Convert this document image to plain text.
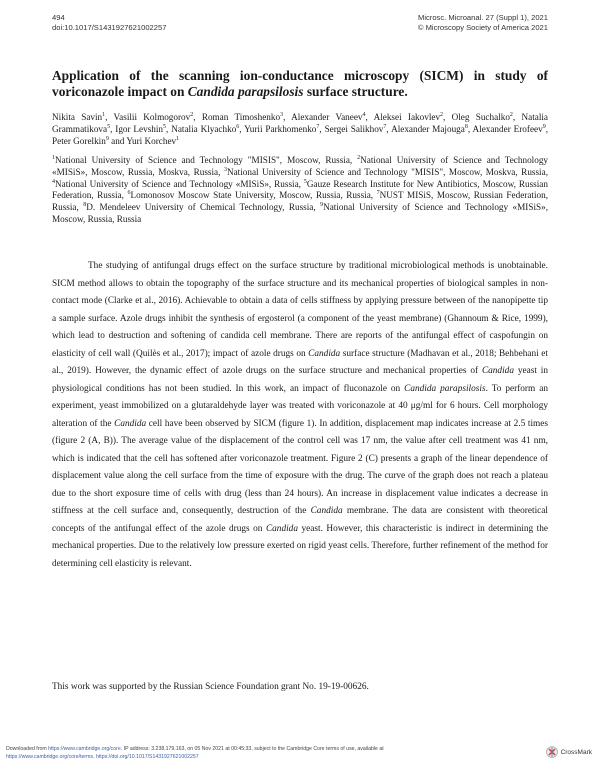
494
doi:10.1017/S1431927621002257
Microsc. Microanal. 27 (Suppl 1), 2021
© Microscopy Society of America 2021
Application of the scanning ion-conductance microscopy (SICM) in study of voriconazole impact on Candida parapsilosis surface structure.
Nikita Savin$^1$, Vasilii Kolmogorov$^2$, Roman Timoshenko$^3$, Alexander Vaneev$^4$, Aleksei Iakovlev$^2$, Oleg Suchalko$^2$, Natalia Grammatikova$^5$, Igor Levshin$^5$, Natalia Klyachko$^6$, Yurii Parkhomenko$^7$, Sergei Salikhov$^7$, Alexander Majouga$^8$, Alexander Erofeev$^9$, Peter Gorelkin$^9$ and Yuri Korchev$^1$
$^1$National University of Science and Technology "MISIS", Moscow, Russia, $^2$National University of Science and Technology «MISiS», Moscow, Russia, Moskva, Russia, $^3$National University of Science and Technology "MISIS", Moscow, Moskva, Russia, $^4$National University of Science and Technology «MISiS», Russia, $^5$Gauze Research Institute for New Antibiotics, Moscow, Russian Federation, Russia, $^6$Lomonosov Moscow State University, Moscow, Russia, Russia, $^7$NUST MISiS, Moscow, Russian Federation, Russia, $^8$D. Mendeleev University of Chemical Technology, Russia, $^9$National University of Science and Technology «MISiS», Moscow, Russia, Russia

The studying of antifungal drugs effect on the surface structure by traditional microbiological methods is unobtainable. SICM method allows to obtain the topography of the surface structure and its mechanical properties of biological samples in non-contact mode (Clarke et al., 2016). Achievable to obtain a data of cells stiffness by applying pressure between of the nanopipette tip a sample surface. Azole drugs inhibit the synthesis of ergosterol (a component of the yeast membrane) (Ghannoum & Rice, 1999), which lead to destruction and softening of candida cell membrane. There are reports of the antifungal effect of caspofungin on elasticity of cell wall (Quilès et al., 2017); impact of azole drugs on Candida surface structure (Madhavan et al., 2018; Behbehani et al., 2019). However, the dynamic effect of azole drugs on the surface structure and mechanical properties of Candida yeast in physiological conditions has not been studied. In this work, an impact of fluconazole on Candida parapsilosis. To perform an experiment, yeast immobilized on a glutaraldehyde layer was treated with voriconazole at 40 μg/ml for 6 hours. Cell morphology alteration of the Candida cell have been observed by SICM (figure 1). In addition, displacement map indicates increase at 2.5 times (figure 2 (A, B)). The average value of the displacement of the control cell was 17 nm, the value after cell treatment was 41 nm, which is indicated that the cell has softened after voriconazole treatment. Figure 2 (C) presents a graph of the linear dependence of displacement value along the cell surface from the time of exposure with the drug. The curve of the graph does not reach a plateau due to the short exposure time of cells with drug (less than 24 hours). An increase in displacement value indicates a decrease in stiffness at the cell surface and, consequently, destruction of the Candida membrane. The data are consistent with theoretical concepts of the antifungal effect of the azole drugs on Candida yeast. However, this characteristic is indirect in determining the mechanical properties. Due to the relatively low pressure exerted on rigid yeast cells. Therefore, further refinement of the method for determining cell elasticity is relevant.

This work was supported by the Russian Science Foundation grant No. 19-19-00626.
Downloaded from https://www.cambridge.org/core. IP address: 3.238.179.163, on 05 Nov 2021 at 00:45:33, subject to the Cambridge Core terms of use, available at
https://www.cambridge.org/core/terms. https://doi.org/10.1017/S1431927621002257
CrossMark
